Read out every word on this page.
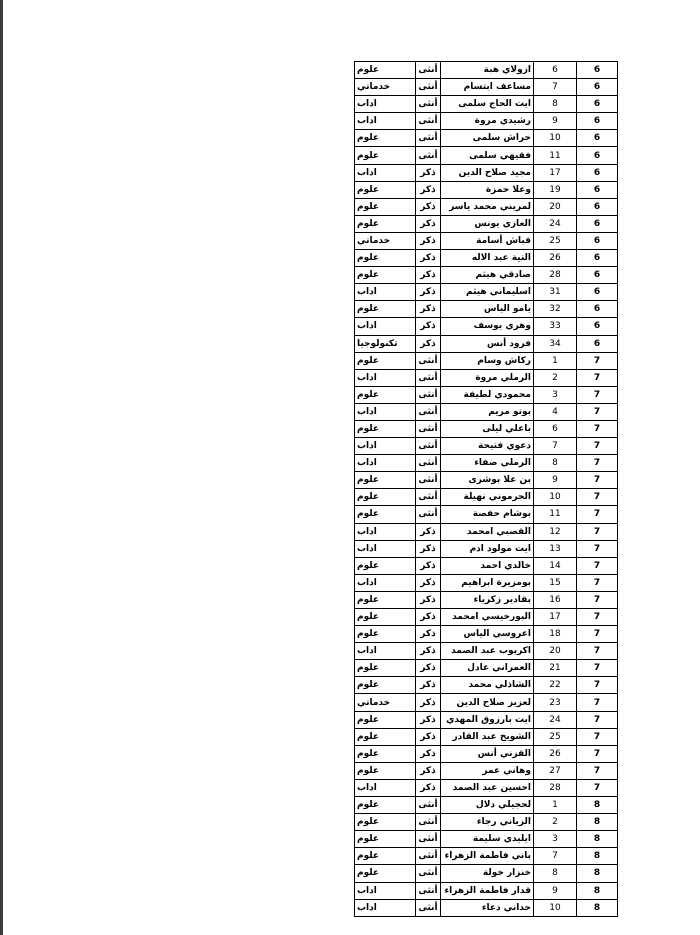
6	6	ازولاي هبة	أنثى	علوم
6	7	مساعف ابتسام	أنثى	خدماتي
6	8	ايت الحاج سلمى	أنثى	اداب
6	9	رشيدي مروة	أنثى	اداب
6	10	حراش سلمى	أنثى	علوم
6	11	فقيهي سلمى	أنثى	علوم
6	17	مجيد صلاح الدين	ذكر	اداب
6	19	وعلا حمزة	ذكر	علوم
6	20	لمريني محمد ياسر	ذكر	علوم
6	24	الغازي يونس	ذكر	علوم
6	25	قباش أسامة	ذكر	خدماتي
6	26	النية عبد الاله	ذكر	علوم
6	28	صادقي هيثم	ذكر	علوم
6	31	اسليماني هيثم	ذكر	اداب
6	32	يامو الياس	ذكر	علوم
6	33	وهري يوسف	ذكر	اداب
6	34	فرود أنس	ذكر	تكنولوجيا
7	1	ركاش وسام	أنثى	علوم
7	2	الرملي مروة	أنثى	اداب
7	3	محمودي لطيفة	أنثى	علوم
7	4	بوتو مريم	أنثى	اداب
7	6	باعلي ليلى	أنثى	علوم
7	7	دعوي فتيحة	أنثى	اداب
7	8	الرملي صفاء	أنثى	اداب
7	9	بن علا بوشرى	أنثى	علوم
7	10	الجرموني نهيلة	أنثى	علوم
7	11	بوشام حفصة	أنثى	علوم
7	12	القصبي امحمد	ذكر	اداب
7	13	ايت مولود ادم	ذكر	اداب
7	14	خالدي احمد	ذكر	علوم
7	15	بومزيرة ابراهيم	ذكر	اداب
7	16	بقادير زكرياء	ذكر	علوم
7	17	البورخيسي امحمد	ذكر	علوم
7	18	اعروسي الياس	ذكر	علوم
7	20	اكريوب عبد الصمد	ذكر	اداب
7	21	العمراني عادل	ذكر	علوم
7	22	الشاذلي محمد	ذكر	علوم
7	23	لعزيز صلاح الدين	ذكر	خدماتي
7	24	ايت بارزوق المهدي	ذكر	علوم
7	25	الشويخ عبد القادر	ذكر	علوم
7	26	القزني أنس	ذكر	علوم
7	27	وهاني عمر	ذكر	علوم
7	28	احسين عبد الصمد	ذكر	اداب
8	1	لحجيلي دلال	أنثى	علوم
8	2	الزياني رجاء	أنثى	علوم
8	3	ايليدي سليمة	أنثى	علوم
8	7	باني فاطمة الزهراء	أنثى	علوم
8	8	خنزار خولة	أنثى	علوم
8	9	قدار فاطمة الزهراء	أنثى	اداب
8	10	حداني دعاء	أنثى	اداب
